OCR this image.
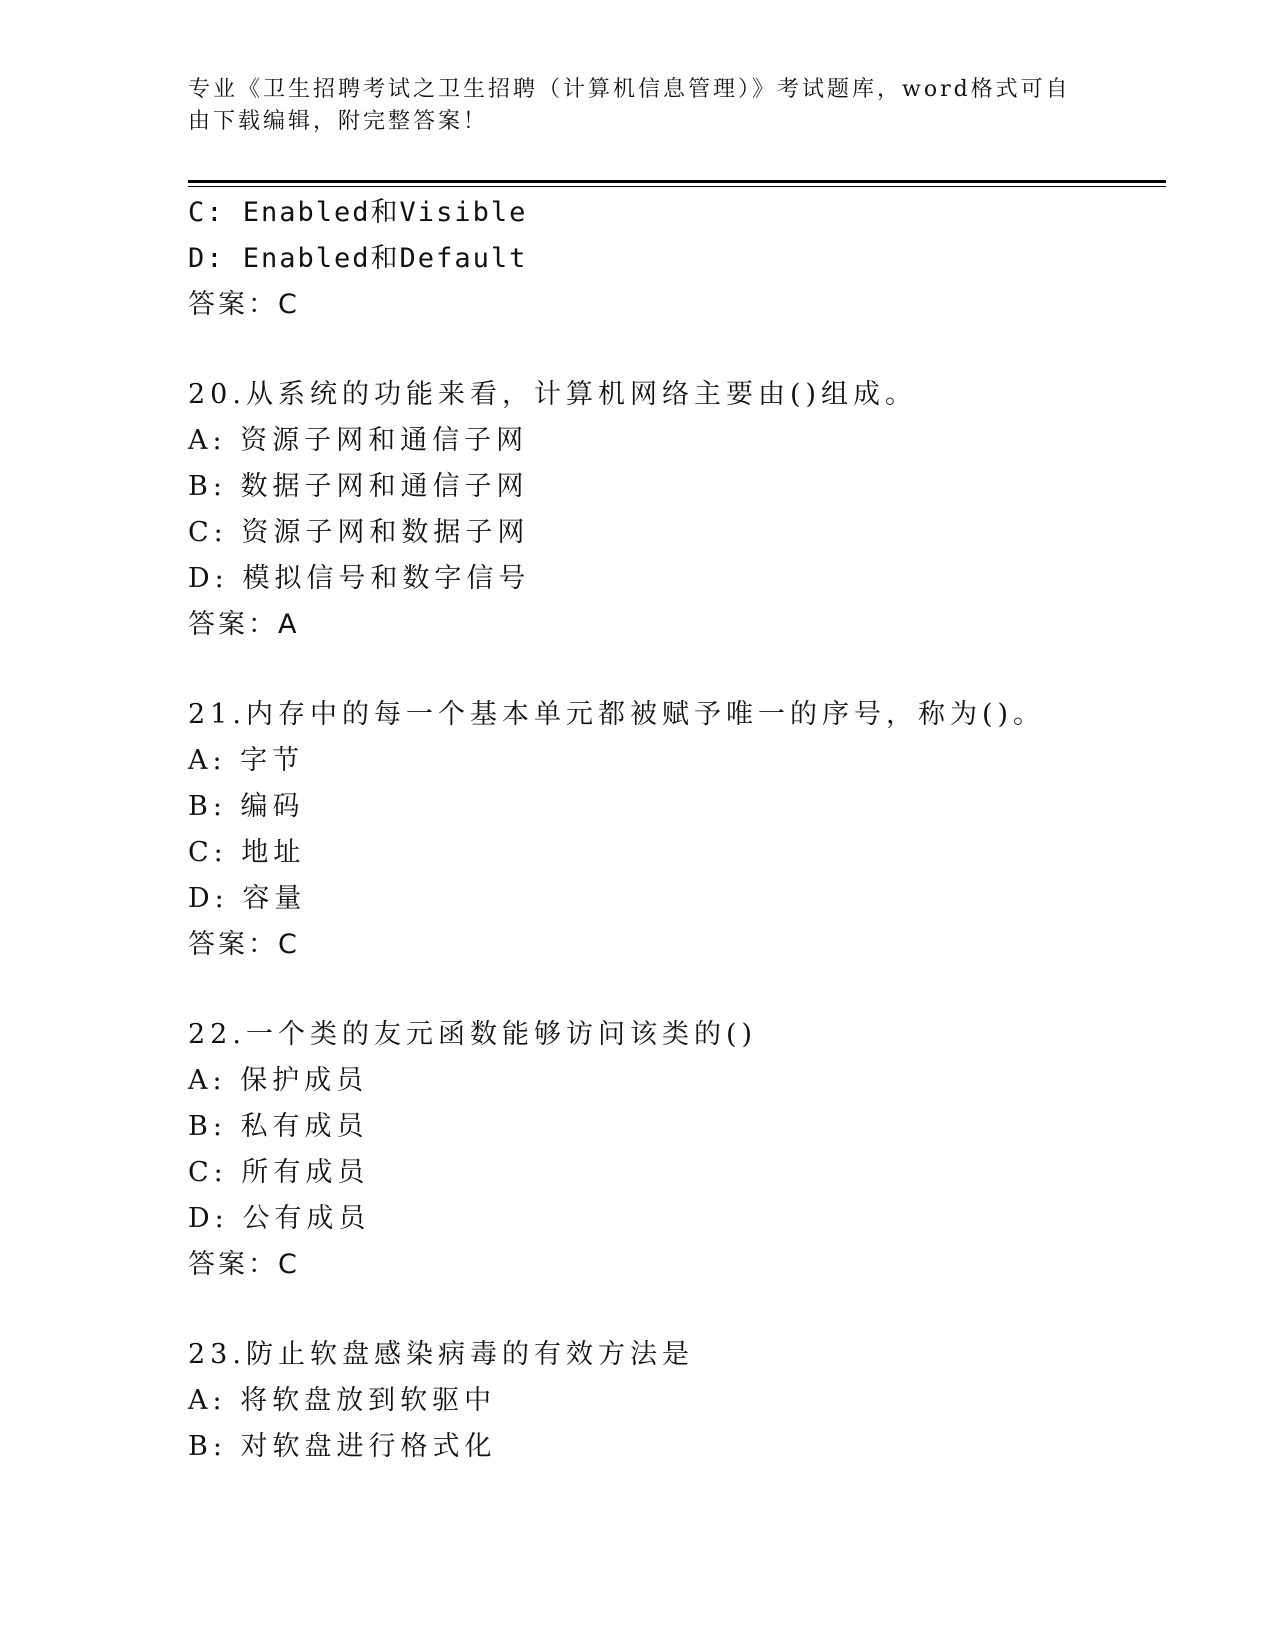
专业《卫生招聘考试之卫生招聘（计算机信息管理）》考试题库，word格式可自由下载编辑，附完整答案！
C: Enabled和Visible
D: Enabled和Default
答案：C
20.从系统的功能来看，计算机网络主要由()组成。
A: 资源子网和通信子网
B: 数据子网和通信子网
C: 资源子网和数据子网
D: 模拟信号和数字信号
答案：A
21.内存中的每一个基本单元都被赋予唯一的序号，称为()。
A: 字节
B: 编码
C: 地址
D: 容量
答案：C
22.一个类的友元函数能够访问该类的()
A: 保护成员
B: 私有成员
C: 所有成员
D: 公有成员
答案：C
23.防止软盘感染病毒的有效方法是
A: 将软盘放到软驱中
B: 对软盘进行格式化
